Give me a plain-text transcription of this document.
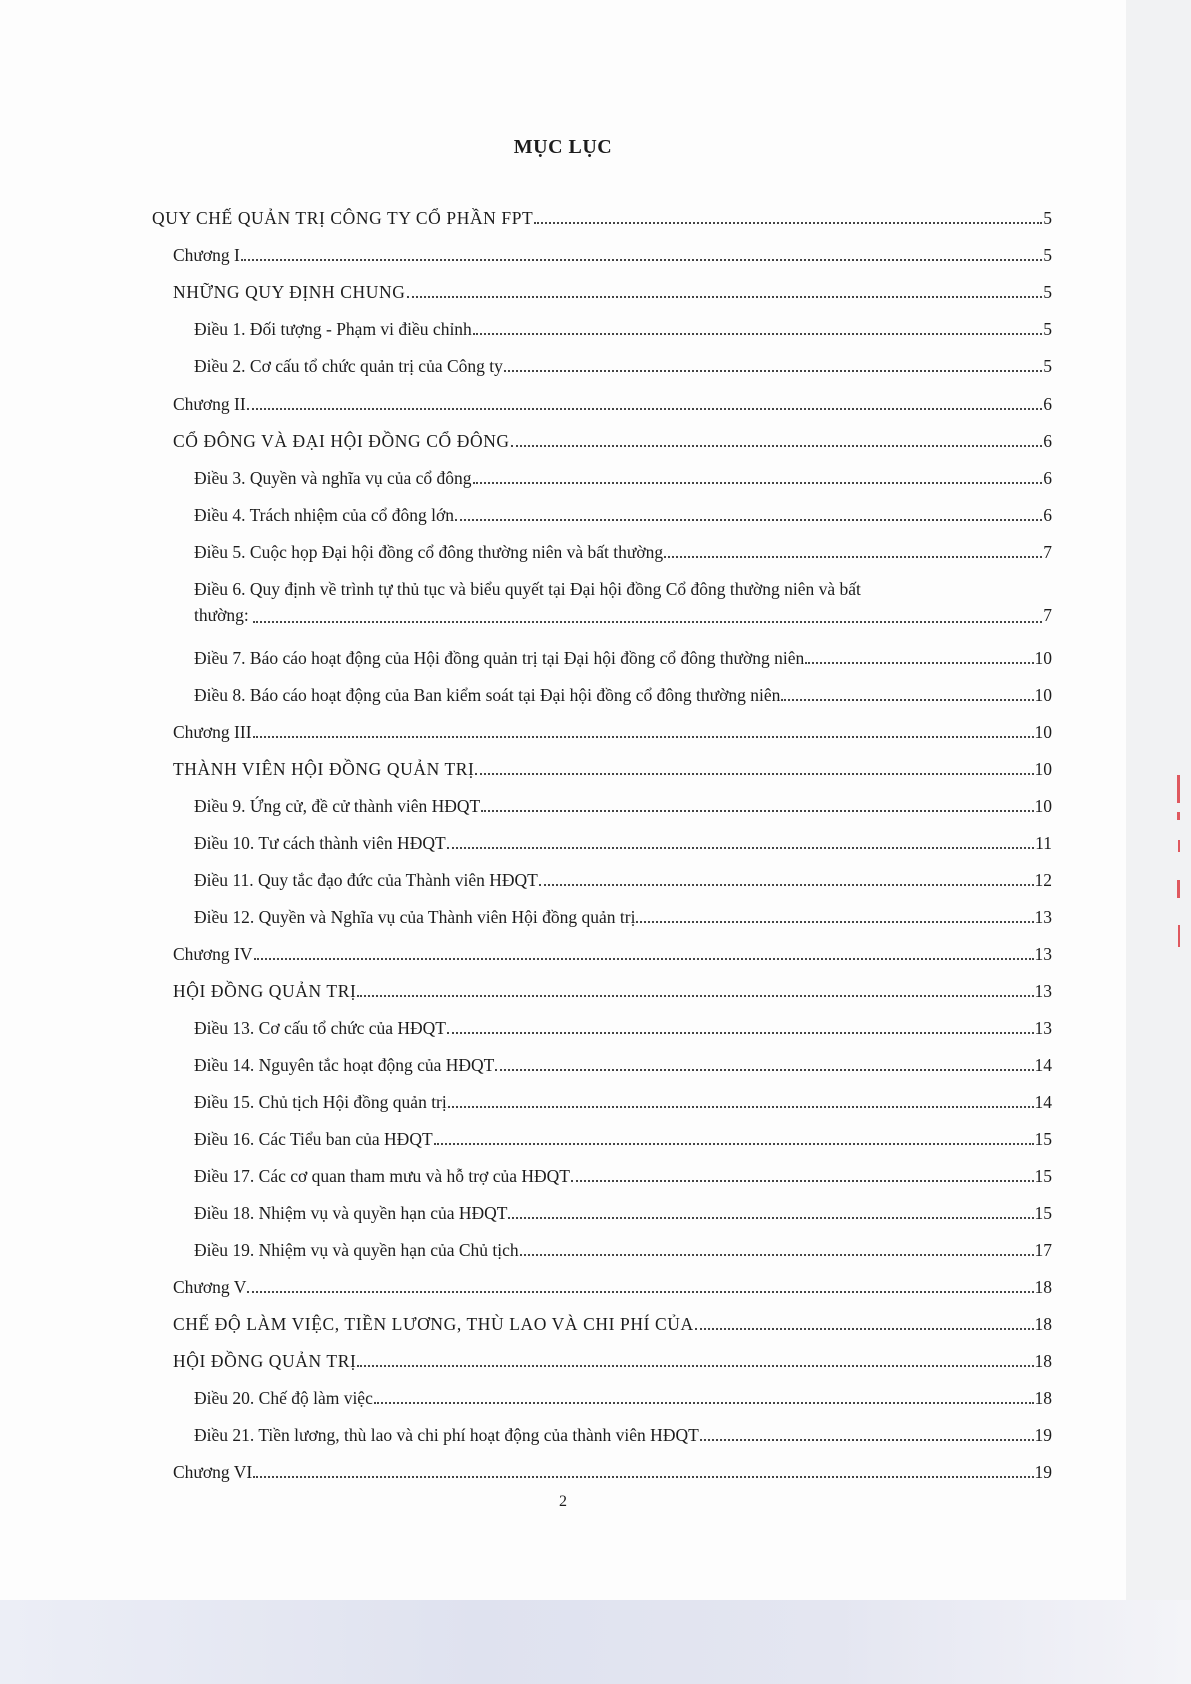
MỤC LỤC
QUY CHẾ QUẢN TRỊ CÔNG TY CỔ PHẦN FPT	5
Chương I	5
NHỮNG QUY ĐỊNH CHUNG	5
Điều 1. Đối tượng - Phạm vi điều chỉnh	5
Điều 2. Cơ cấu tổ chức quản trị của Công ty	5
Chương II	6
CỔ ĐÔNG VÀ ĐẠI HỘI ĐỒNG CỔ ĐÔNG	6
Điều 3. Quyền và nghĩa vụ của cổ đông	6
Điều 4. Trách nhiệm của cổ đông lớn	6
Điều 5. Cuộc họp Đại hội đồng cổ đông thường niên và bất thường	7
Điều 6. Quy định về trình tự thủ tục và biểu quyết tại Đại hội đồng Cổ đông thường niên và bất
thường:	7
Điều 7. Báo cáo hoạt động của Hội đồng quản trị tại Đại hội đồng cổ đông thường niên	10
Điều 8. Báo cáo hoạt động của Ban kiểm soát tại Đại hội đồng cổ đông thường niên	10
Chương III	10
THÀNH VIÊN HỘI ĐỒNG QUẢN TRỊ	10
Điều 9. Ứng cử, đề cử thành viên HĐQT	10
Điều 10. Tư cách thành viên HĐQT	11
Điều 11. Quy tắc đạo đức của Thành viên HĐQT	12
Điều 12. Quyền và Nghĩa vụ của Thành viên Hội đồng quản trị	13
Chương IV	13
HỘI ĐỒNG QUẢN TRỊ	13
Điều 13. Cơ cấu tổ chức của HĐQT	13
Điều 14. Nguyên tắc hoạt động của HĐQT	14
Điều 15. Chủ tịch Hội đồng quản trị	14
Điều 16. Các Tiểu ban của HĐQT	15
Điều 17. Các cơ quan tham mưu và hỗ trợ của HĐQT	15
Điều 18. Nhiệm vụ và quyền hạn của HĐQT	15
Điều 19. Nhiệm vụ và quyền hạn của Chủ tịch	17
Chương V	18
CHẾ ĐỘ LÀM VIỆC, TIỀN LƯƠNG, THÙ LAO VÀ CHI PHÍ CỦA	18
HỘI ĐỒNG QUẢN TRỊ	18
Điều 20. Chế độ làm việc	18
Điều 21. Tiền lương, thù lao và chi phí hoạt động của thành viên HĐQT	19
Chương VI	19
2
